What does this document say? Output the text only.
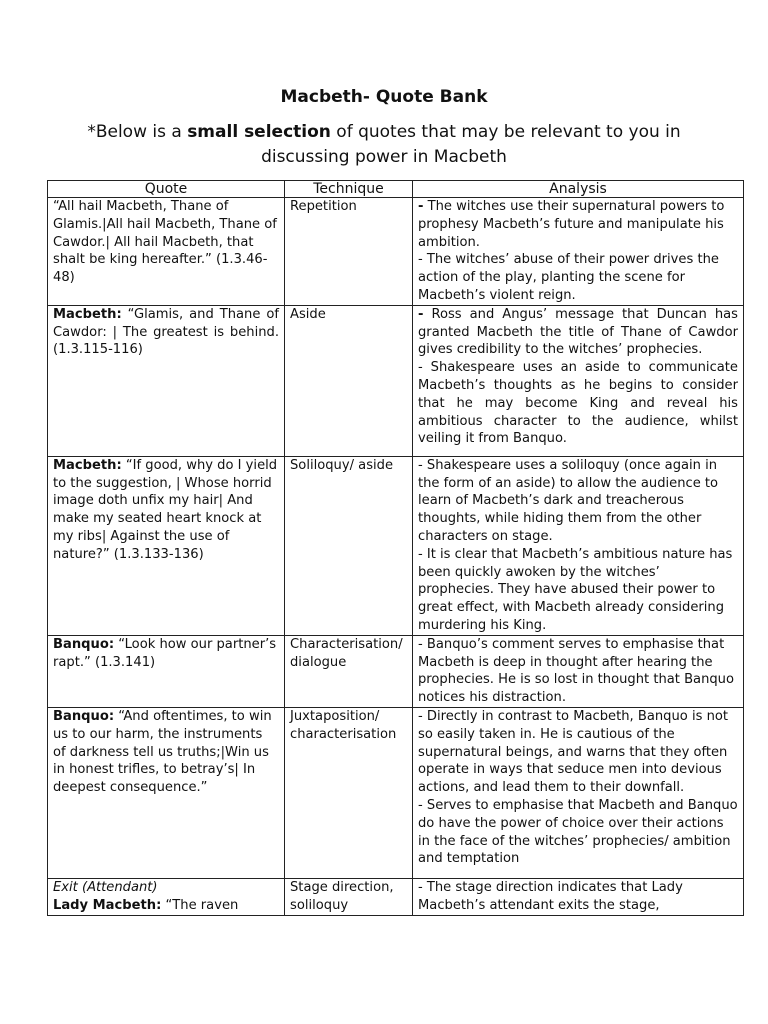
Macbeth- Quote Bank

*Below is a small selection of quotes that may be relevant to you in discussing power in Macbeth

Quote	Technique	Analysis
“All hail Macbeth, Thane of Glamis.|All hail Macbeth, Thane of Cawdor.| All hail Macbeth, that shalt be king hereafter.” (1.3.46-48)	Repetition	- The witches use their supernatural powers to prophesy Macbeth’s future and manipulate his ambition.

- The witches’ abuse of their power drives the action of the play, planting the scene for Macbeth’s violent reign.

Macbeth: “Glamis, and Thane of Cawdor: | The greatest is behind. (1.3.115-116)	Aside	- Ross and Angus’ message that Duncan has granted Macbeth the title of Thane of Cawdor gives credibility to the witches’ prophecies.

- Shakespeare uses an aside to communicate Macbeth’s thoughts as he begins to consider that he may become King and reveal his ambitious character to the audience, whilst veiling it from Banquo.

Macbeth: “If good, why do I yield to the suggestion, | Whose horrid image doth unfix my hair| And make my seated heart knock at my ribs| Against the use of nature?” (1.3.133-136)	Soliloquy/ aside	- Shakespeare uses a soliloquy (once again in the form of an aside) to allow the audience to learn of Macbeth’s dark and treacherous thoughts, while hiding them from the other characters on stage.

- It is clear that Macbeth’s ambitious nature has been quickly awoken by the witches’ prophecies. They have abused their power to great effect, with Macbeth already considering murdering his King.

Banquo: “Look how our partner’s rapt.” (1.3.141)	Characterisation/ dialogue	- Banquo’s comment serves to emphasise that Macbeth is deep in thought after hearing the prophecies. He is so lost in thought that Banquo notices his distraction.

Banquo: “And oftentimes, to win us to our harm, the instruments of darkness tell us truths;|Win us in honest trifles, to betray’s| In deepest consequence.”	Juxtaposition/ characterisation	- Directly in contrast to Macbeth, Banquo is not so easily taken in. He is cautious of the supernatural beings, and warns that they often operate in ways that seduce men into devious actions, and lead them to their downfall.

- Serves to emphasise that Macbeth and Banquo do have the power of choice over their actions in the face of the witches’ prophecies/ ambition and temptation

Exit (Attendant)
Lady Macbeth: “The raven	Stage direction, soliloquy	- The stage direction indicates that Lady Macbeth’s attendant exits the stage,
